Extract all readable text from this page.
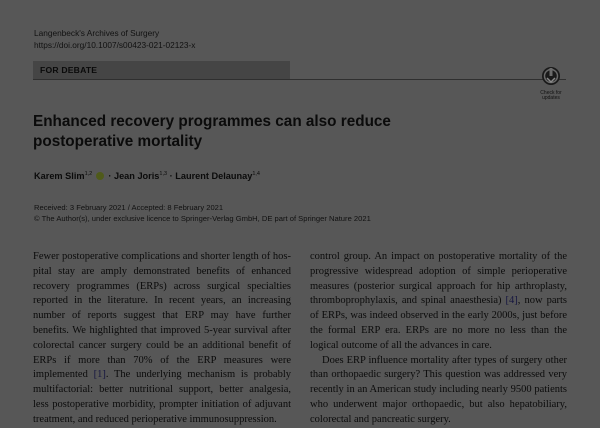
Langenbeck's Archives of Surgery
https://doi.org/10.1007/s00423-021-02123-x
FOR DEBATE
Check for
updates
Enhanced recovery programmes can also reduce
postoperative mortality
Karem Slim$^{1,2}$  · Jean Joris$^{1,3}$ · Laurent Delaunay$^{1,4}$
Received: 3 February 2021 / Accepted: 8 February 2021
© The Author(s), under exclusive licence to Springer-Verlag GmbH, DE part of Springer Nature 2021

Fewer postoperative complications and shorter length of hospital stay are amply demonstrated benefits of enhanced recovery programmes (ERPs) across surgical specialties reported in the literature. In recent years, an increasing number of reports suggest that ERP may have further benefits. We highlighted that improved 5-year survival after colorectal cancer surgery could be an additional benefit of ERPs if more than 70% of the ERP measures were implemented [1]. The underlying mechanism is probably multifactorial: better nutritional support, better analgesia, less postoperative morbidity, prompter initiation of adjuvant treatment, and reduced perioperative immunosuppression.

control group. An impact on postoperative mortality of the progressive widespread adoption of simple perioperative measures (posterior surgical approach for hip arthroplasty, thromboprophylaxis, and spinal anaesthesia) [4], now parts of ERPs, was indeed observed in the early 2000s, just before the formal ERP era. ERPs are no more no less than the logical outcome of all the advances in care.

Does ERP influence mortality after types of surgery other than orthopaedic surgery? This question was addressed very recently in an American study including nearly 9500 patients who underwent major orthopaedic, but also hepatobiliary, colorectal and pancreatic surgery.
